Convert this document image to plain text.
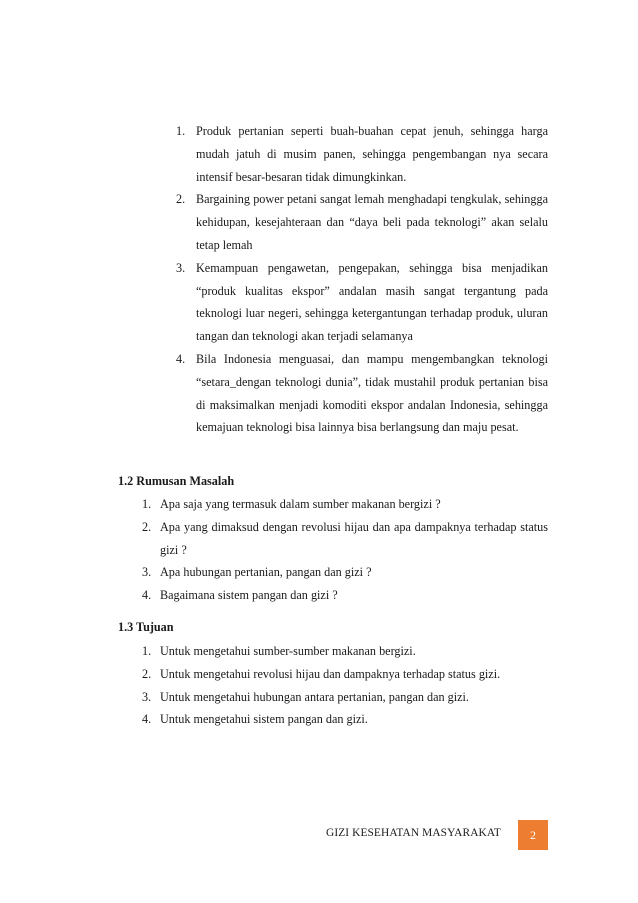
1. Produk pertanian seperti buah-buahan cepat jenuh, sehingga harga mudah jatuh di musim panen, sehingga pengembangan nya secara intensif besar-besaran tidak dimungkinkan.
2. Bargaining power petani sangat lemah menghadapi tengkulak, sehingga kehidupan, kesejahteraan dan “daya beli pada teknologi” akan selalu tetap lemah
3. Kemampuan pengawetan, pengepakan, sehingga bisa menjadikan “produk kualitas ekspor” andalan masih sangat tergantung pada teknologi luar negeri, sehingga ketergantungan terhadap produk, uluran tangan dan teknologi akan terjadi selamanya
4. Bila Indonesia menguasai, dan mampu mengembangkan teknologi “setara_dengan teknologi dunia”, tidak mustahil produk pertanian bisa di maksimalkan menjadi komoditi ekspor andalan Indonesia, sehingga kemajuan teknologi bisa lainnya bisa berlangsung dan maju pesat.
1.2 Rumusan Masalah
1. Apa saja yang termasuk dalam sumber makanan bergizi ?
2. Apa yang dimaksud dengan revolusi hijau dan apa dampaknya terhadap status gizi ?
3. Apa hubungan pertanian, pangan dan gizi ?
4. Bagaimana sistem pangan dan gizi ?
1.3 Tujuan
1. Untuk mengetahui sumber-sumber makanan bergizi.
2. Untuk mengetahui revolusi hijau dan dampaknya terhadap status gizi.
3. Untuk mengetahui hubungan antara pertanian, pangan dan gizi.
4. Untuk mengetahui sistem pangan dan gizi.
GIZI KESEHATAN MASYARAKAT 2
